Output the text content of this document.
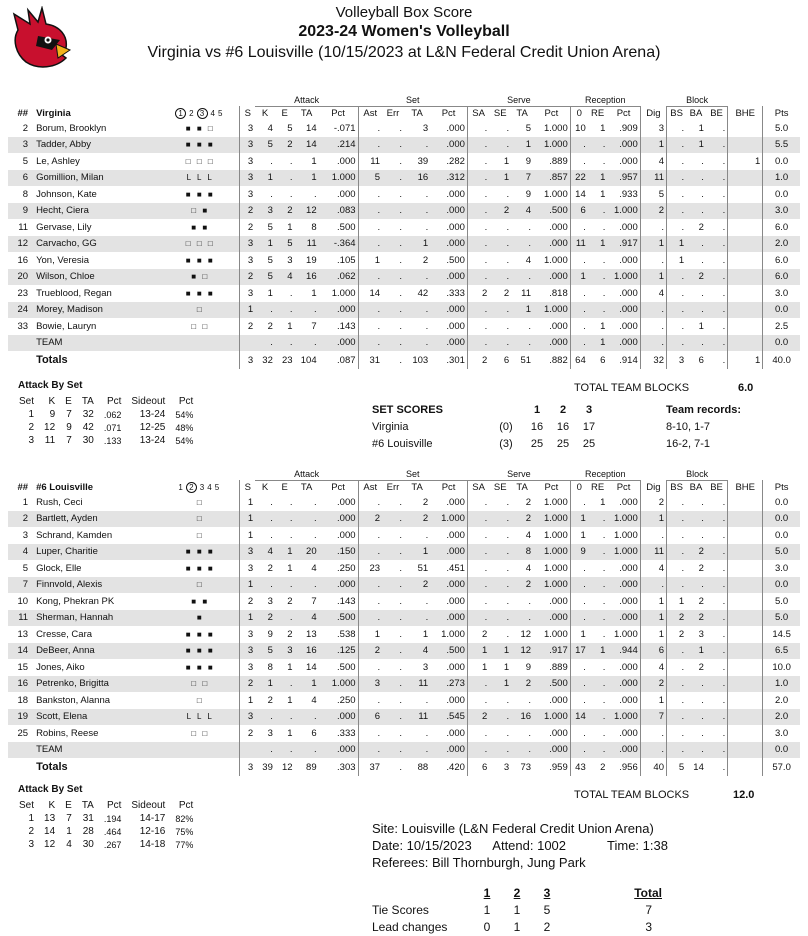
Volleyball Box Score
2023-24 Women's Volleyball
Virginia vs #6 Louisville (10/15/2023 at L&N Federal Credit Union Arena)
				Attack				Set				Serve				Reception				Block				
##	Virginia	1 2 3 4 5	S	K	E	TA	Pct	Ast	Err	TA	Pct	SA	SE	TA	Pct	0	RE	Pct	Dig	BS	BA	BE	BHE	Pts
2	Borum, Brooklyn	■ ■ □	3	4	5	14	-.071	.	.	3	.000	.	.	5	1.000	10	1	.909	3	.	1	.		5.0
3	Tadder, Abby	■ ■ ■	3	5	2	14	.214	.	.	.	.000	.	.	1	1.000	.	.	.000	1	.	1	.		5.5
5	Le, Ashley	□ □ □	3	.	.	1	.000	11	.	39	.282	.	1	9	.889	.	.	.000	4	.	.	.	1	0.0
6	Gomillion, Milan	L L L	3	1	.	1	1.000	5	.	16	.312	.	1	7	.857	22	1	.957	11	.	.	.		1.0
8	Johnson, Kate	■ ■ ■	3	.	.	.	.000	.	.	.	.000	.	.	9	1.000	14	1	.933	5	.	.	.		0.0
9	Hecht, Ciera	□ ■	2	3	2	12	.083	.	.	.	.000	.	2	4	.500	6	.	1.000	2	.	.	.		3.0
11	Gervase, Lily	■ ■	2	5	1	8	.500	.	.	.	.000	.	.	.	.000	.	.	.000	.	.	2	.		6.0
12	Carvacho, GG	□ □ □	3	1	5	11	-.364	.	.	1	.000	.	.	.	.000	11	1	.917	1	1	.	.		2.0
16	Yon, Veresia	■ ■ ■	3	5	3	19	.105	1	.	2	.500	.	.	4	1.000	.	.	.000	.	1	.	.		6.0
20	Wilson, Chloe	■ □	2	5	4	16	.062	.	.	.	.000	.	.	.	.000	1	.	1.000	1	.	2	.		6.0
23	Trueblood, Regan	■ ■ ■	3	1	.	1	1.000	14	.	42	.333	2	2	11	.818	.	.	.000	4	.	.	.		3.0
24	Morey, Madison	□	1	.	.	.	.000	.	.	.	.000	.	.	1	1.000	.	.	.000	.	.	.	.		0.0
33	Bowie, Lauryn	□ □	2	2	1	7	.143	.	.	.	.000	.	.	.	.000	.	1	.000	.	.	1	.		2.5
	TEAM			.	.	.	.000	.	.	.	.000	.	.	.	.000	.	1	.000	.	.	.	.		0.0
	Totals		3	32	23	104	.087	31	.	103	.301	2	6	51	.882	64	6	.914	32	3	6	.	1	40.0
Attack By Set
Set	K	E	TA	Pct	Sideout	Pct
1	9	7	32	.062	13-24	54%
2	12	9	42	.071	12-25	48%
3	11	7	30	.133	13-24	54%
TOTAL TEAM BLOCKS	6.0
SET SCORES		1	2	3		Team records:
Virginia	(0)	16	16	17		8-10, 1-7
#6 Louisville	(3)	25	25	25		16-2, 7-1
				Attack				Set				Serve				Reception				Block				
##	#6 Louisville	1 2 3 4 5	S	K	E	TA	Pct	Ast	Err	TA	Pct	SA	SE	TA	Pct	0	RE	Pct	Dig	BS	BA	BE	BHE	Pts
1	Rush, Ceci	□	1	.	.	.	.000	.	.	2	.000	.	.	2	1.000	.	1	.000	2	.	.	.		0.0
2	Bartlett, Ayden	□	1	.	.	.	.000	2	.	2	1.000	.	.	2	1.000	1	.	1.000	1	.	.	.		0.0
3	Schrand, Kamden	□	1	.	.	.	.000	.	.	.	.000	.	.	4	1.000	1	.	1.000	.	.	.	.		0.0
4	Luper, Charitie	■ ■ ■	3	4	1	20	.150	.	.	1	.000	.	.	8	1.000	9	.	1.000	11	.	2	.		5.0
5	Glock, Elle	■ ■ ■	3	2	1	4	.250	23	.	51	.451	.	.	4	1.000	.	.	.000	4	.	2	.		3.0
7	Finnvold, Alexis	□	1	.	.	.	.000	.	.	2	.000	.	.	2	1.000	.	.	.000	.	.	.	.		0.0
10	Kong, Phekran PK	■ ■	2	3	2	7	.143	.	.	.	.000	.	.	.	.000	.	.	.000	1	1	2	.		5.0
11	Sherman, Hannah	■	1	2	.	4	.500	.	.	.	.000	.	.	.	.000	.	.	.000	1	2	2	.		5.0
13	Cresse, Cara	■ ■ ■	3	9	2	13	.538	1	.	1	1.000	2	.	12	1.000	1	.	1.000	1	2	3	.		14.5
14	DeBeer, Anna	■ ■ ■	3	5	3	16	.125	2	.	4	.500	1	1	12	.917	17	1	.944	6	.	1	.		6.5
15	Jones, Aiko	■ ■ ■	3	8	1	14	.500	.	.	3	.000	1	1	9	.889	.	.	.000	4	.	2	.		10.0
16	Petrenko, Brigitta	□ □	2	1	.	1	1.000	3	.	11	.273	.	1	2	.500	.	.	.000	2	.	.	.		1.0
18	Bankston, Alanna	□	1	2	1	4	.250	.	.	.	.000	.	.	.	.000	.	.	.000	1	.	.	.		2.0
19	Scott, Elena	L L L	3	.	.	.	.000	6	.	11	.545	2	.	16	1.000	14	.	1.000	7	.	.	.		2.0
25	Robins, Reese	□ □	2	3	1	6	.333	.	.	.	.000	.	.	.	.000	.	.	.000	.	.	.	.		3.0
	TEAM			.	.	.	.000	.	.	.	.000	.	.	.	.000	.	.	.000	.	.	.	.		0.0
	Totals		3	39	12	89	.303	37	.	88	.420	6	3	73	.959	43	2	.956	40	5	14	.		57.0
Attack By Set
Set	K	E	TA	Pct	Sideout	Pct
1	13	7	31	.194	14-17	82%
2	14	1	28	.464	12-16	75%
3	12	4	30	.267	14-18	77%
TOTAL TEAM BLOCKS	12.0
Site: Louisville (L&N Federal Credit Union Arena)
Date: 10/15/2023 Attend: 1002	Time: 1:38
Referees: Bill Thornburgh, Jung Park
	1	2	3	Total
Tie Scores	1	1	5	7
Lead changes	0	1	2	3
